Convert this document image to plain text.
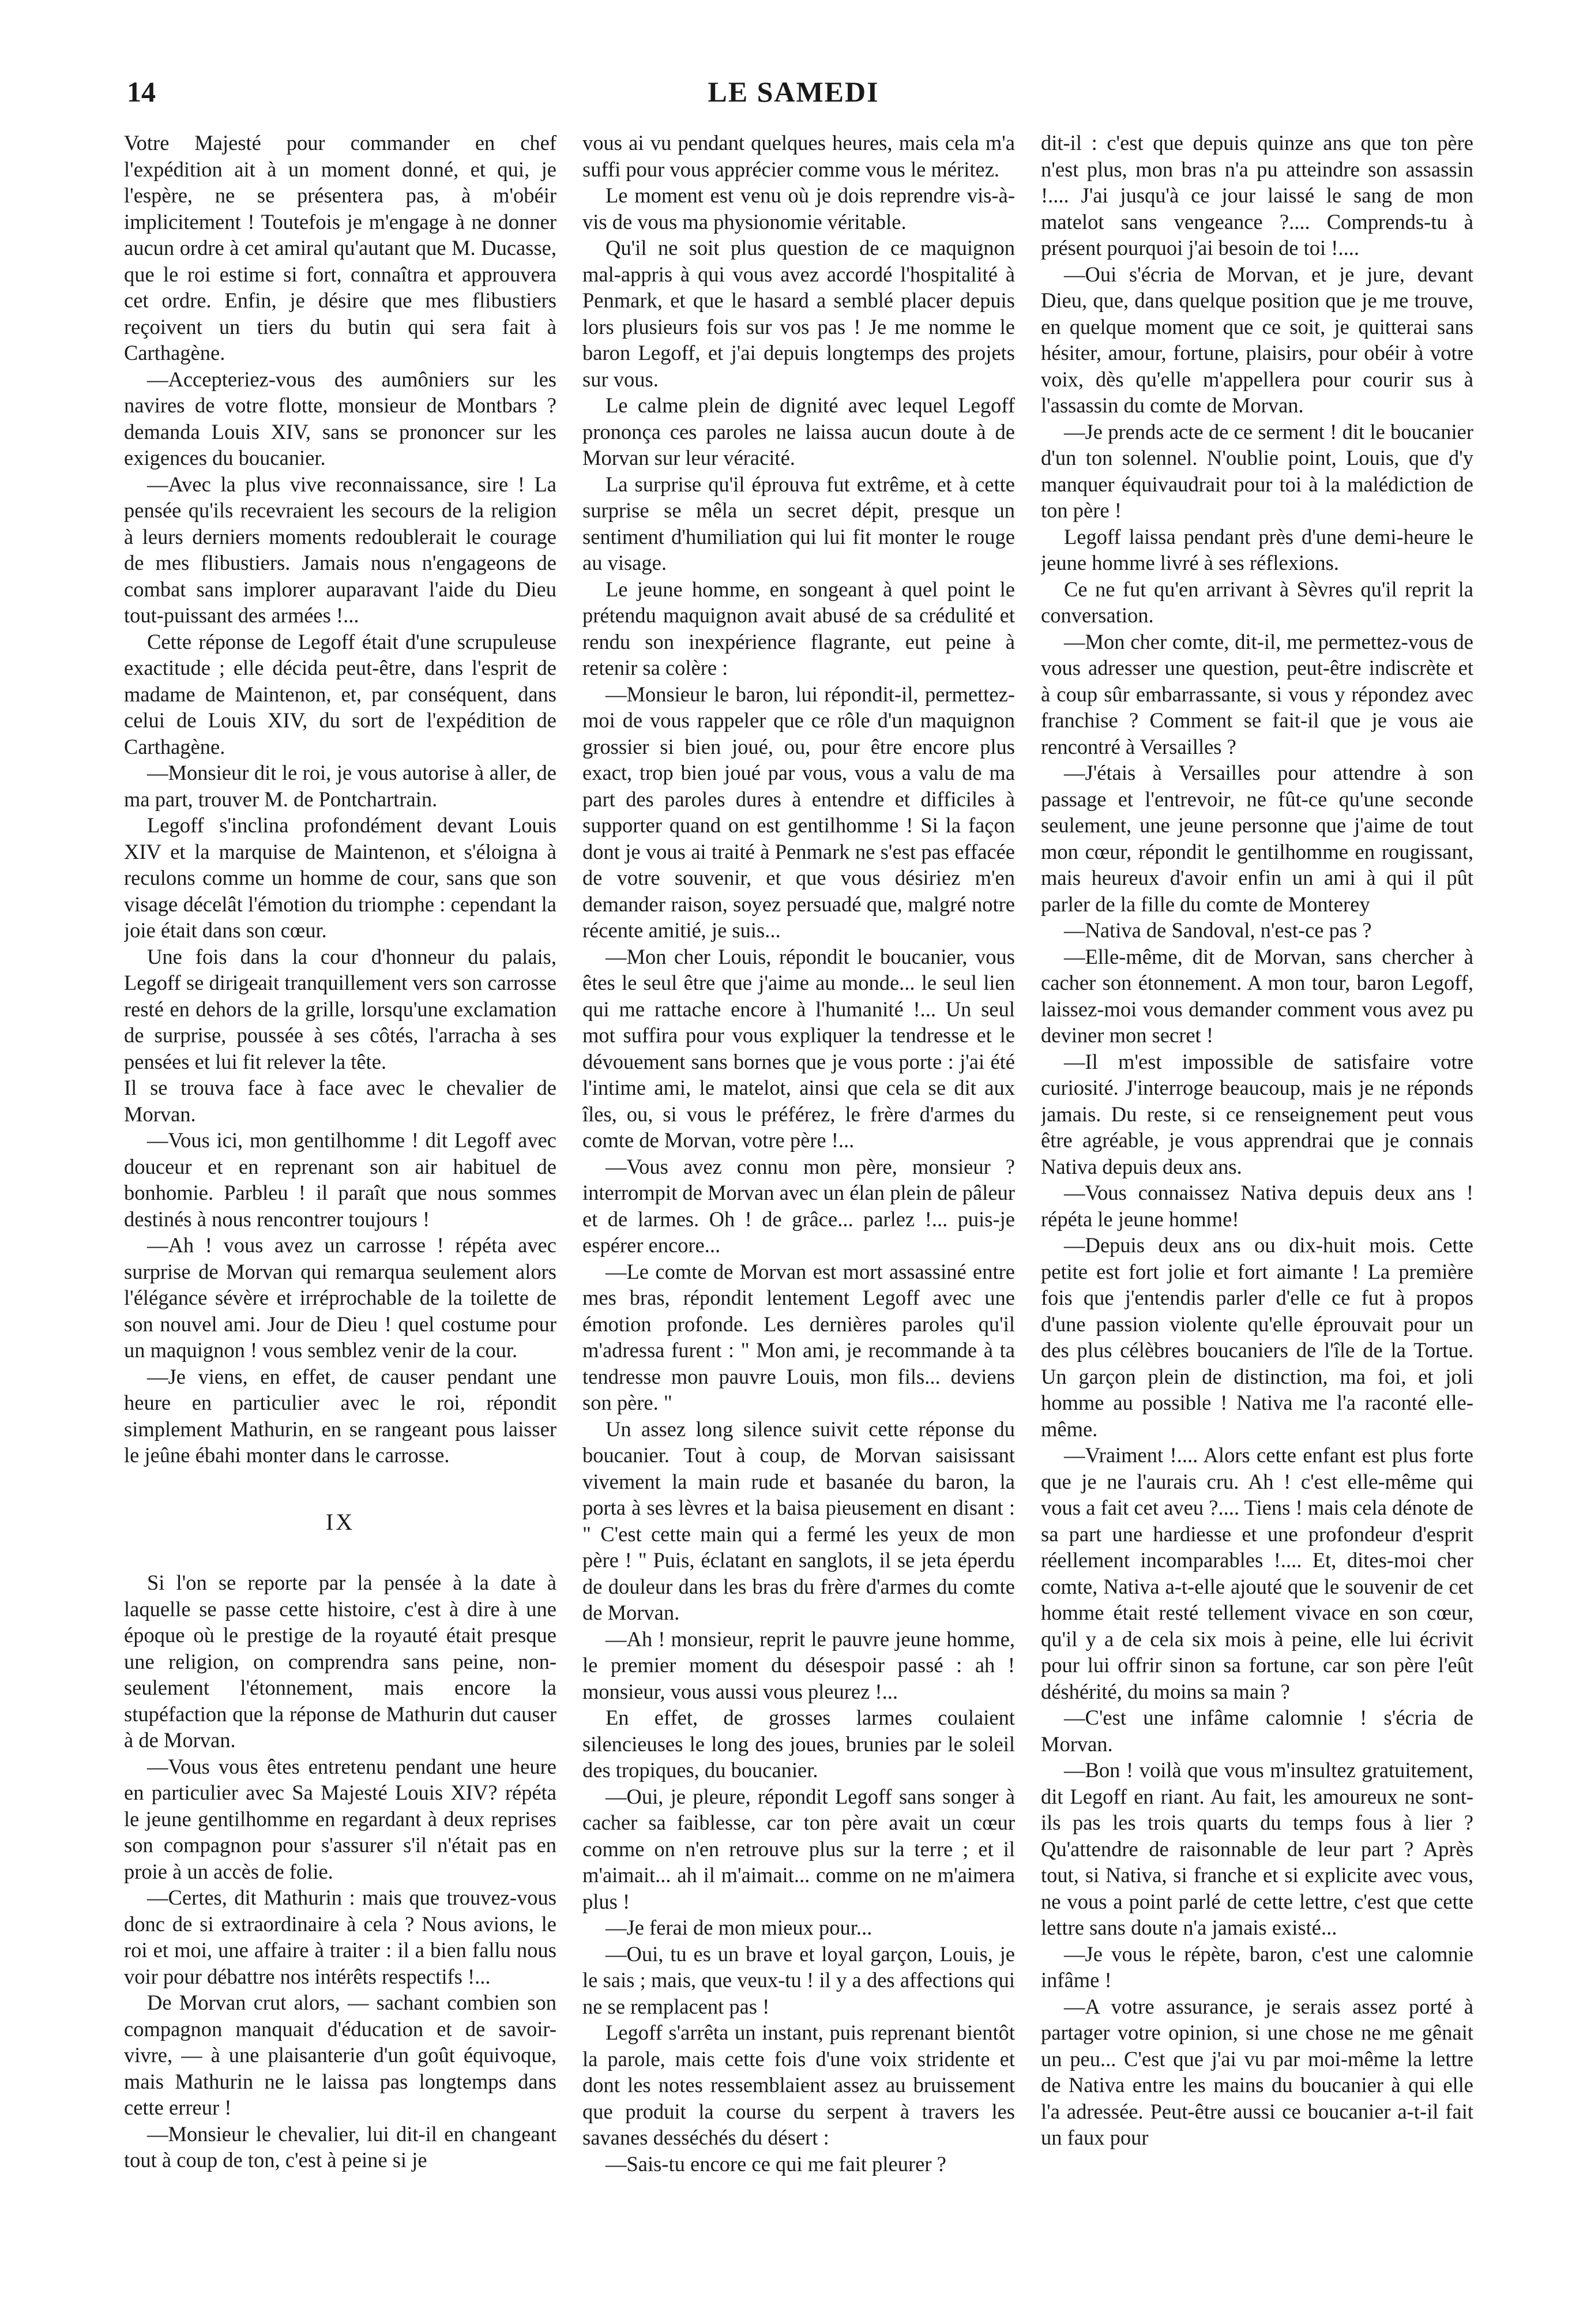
14	LE SAMEDI

Votre Majesté pour commander en chef l'expédition ait à un moment donné, et qui, je l'espère, ne se présentera pas, à m'obéir implicitement ! Toutefois je m'engage à ne donner aucun ordre à cet amiral qu'autant que M. Ducasse, que le roi estime si fort, connaîtra et approuvera cet ordre. Enfin, je désire que mes flibustiers reçoivent un tiers du butin qui sera fait à Carthagène.

—Accepteriez-vous des aumôniers sur les navires de votre flotte, monsieur de Montbars ? demanda Louis XIV, sans se prononcer sur les exigences du boucanier.

—Avec la plus vive reconnaissance, sire ! La pensée qu'ils recevraient les secours de la religion à leurs derniers moments redoublerait le courage de mes flibustiers. Jamais nous n'engageons de combat sans implorer auparavant l'aide du Dieu tout-puissant des armées !...

Cette réponse de Legoff était d'une scrupuleuse exactitude ; elle décida peut-être, dans l'esprit de madame de Maintenon, et, par conséquent, dans celui de Louis XIV, du sort de l'expédition de Carthagène.

—Monsieur dit le roi, je vous autorise à aller, de ma part, trouver M. de Pontchartrain.

Legoff s'inclina profondément devant Louis XIV et la marquise de Maintenon, et s'éloigna à reculons comme un homme de cour, sans que son visage décelât l'émotion du triomphe : cependant la joie était dans son cœur.

Une fois dans la cour d'honneur du palais, Legoff se dirigeait tranquillement vers son carrosse resté en dehors de la grille, lorsqu'une exclamation de surprise, poussée à ses côtés, l'arracha à ses pensées et lui fit relever la tête.

Il se trouva face à face avec le chevalier de Morvan.

—Vous ici, mon gentilhomme ! dit Legoff avec douceur et en reprenant son air habituel de bonhomie. Parbleu ! il paraît que nous sommes destinés à nous rencontrer toujours !

—Ah ! vous avez un carrosse ! répéta avec surprise de Morvan qui remarqua seulement alors l'élégance sévère et irréprochable de la toilette de son nouvel ami. Jour de Dieu ! quel costume pour un maquignon ! vous semblez venir de la cour.

—Je viens, en effet, de causer pendant une heure en particulier avec le roi, répondit simplement Mathurin, en se rangeant pous laisser le jeûne ébahi monter dans le carrosse.

IX

Si l'on se reporte par la pensée à la date à laquelle se passe cette histoire, c'est à dire à une époque où le prestige de la royauté était presque une religion, on comprendra sans peine, non-seulement l'étonnement, mais encore la stupéfaction que la réponse de Mathurin dut causer à de Morvan.

—Vous vous êtes entretenu pendant une heure en particulier avec Sa Majesté Louis XIV? répéta le jeune gentilhomme en regardant à deux reprises son compagnon pour s'assurer s'il n'était pas en proie à un accès de folie.

—Certes, dit Mathurin : mais que trouvez-vous donc de si extraordinaire à cela ? Nous avions, le roi et moi, une affaire à traiter : il a bien fallu nous voir pour débattre nos intérêts respectifs !...

De Morvan crut alors, — sachant combien son compagnon manquait d'éducation et de savoir-vivre, — à une plaisanterie d'un goût équivoque, mais Mathurin ne le laissa pas longtemps dans cette erreur !

—Monsieur le chevalier, lui dit-il en changeant tout à coup de ton, c'est à peine si je

vous ai vu pendant quelques heures, mais cela m'a suffi pour vous apprécier comme vous le méritez.

Le moment est venu où je dois reprendre vis-à-vis de vous ma physionomie véritable.

Qu'il ne soit plus question de ce maquignon mal-appris à qui vous avez accordé l'hospitalité à Penmark, et que le hasard a semblé placer depuis lors plusieurs fois sur vos pas ! Je me nomme le baron Legoff, et j'ai depuis longtemps des projets sur vous.

Le calme plein de dignité avec lequel Legoff prononça ces paroles ne laissa aucun doute à de Morvan sur leur véracité.

La surprise qu'il éprouva fut extrême, et à cette surprise se mêla un secret dépit, presque un sentiment d'humiliation qui lui fit monter le rouge au visage.

Le jeune homme, en songeant à quel point le prétendu maquignon avait abusé de sa crédulité et rendu son inexpérience flagrante, eut peine à retenir sa colère :

—Monsieur le baron, lui répondit-il, permettez-moi de vous rappeler que ce rôle d'un maquignon grossier si bien joué, ou, pour être encore plus exact, trop bien joué par vous, vous a valu de ma part des paroles dures à entendre et difficiles à supporter quand on est gentilhomme ! Si la façon dont je vous ai traité à Penmark ne s'est pas effacée de votre souvenir, et que vous désiriez m'en demander raison, soyez persuadé que, malgré notre récente amitié, je suis...

—Mon cher Louis, répondit le boucanier, vous êtes le seul être que j'aime au monde... le seul lien qui me rattache encore à l'humanité !... Un seul mot suffira pour vous expliquer la tendresse et le dévouement sans bornes que je vous porte : j'ai été l'intime ami, le matelot, ainsi que cela se dit aux îles, ou, si vous le préférez, le frère d'armes du comte de Morvan, votre père !...

—Vous avez connu mon père, monsieur ? interrompit de Morvan avec un élan plein de pâleur et de larmes. Oh ! de grâce... parlez !... puis-je espérer encore...

—Le comte de Morvan est mort assassiné entre mes bras, répondit lentement Legoff avec une émotion profonde. Les dernières paroles qu'il m'adressa furent : " Mon ami, je recommande à ta tendresse mon pauvre Louis, mon fils... deviens son père. "

Un assez long silence suivit cette réponse du boucanier. Tout à coup, de Morvan saisissant vivement la main rude et basanée du baron, la porta à ses lèvres et la baisa pieusement en disant : " C'est cette main qui a fermé les yeux de mon père ! " Puis, éclatant en sanglots, il se jeta éperdu de douleur dans les bras du frère d'armes du comte de Morvan.

—Ah ! monsieur, reprit le pauvre jeune homme, le premier moment du désespoir passé : ah ! monsieur, vous aussi vous pleurez !...

En effet, de grosses larmes coulaient silencieuses le long des joues, brunies par le soleil des tropiques, du boucanier.

—Oui, je pleure, répondit Legoff sans songer à cacher sa faiblesse, car ton père avait un cœur comme on n'en retrouve plus sur la terre ; et il m'aimait... ah il m'aimait... comme on ne m'aimera plus !

—Je ferai de mon mieux pour...

—Oui, tu es un brave et loyal garçon, Louis, je le sais ; mais, que veux-tu ! il y a des affections qui ne se remplacent pas !

Legoff s'arrêta un instant, puis reprenant bientôt la parole, mais cette fois d'une voix stridente et dont les notes ressemblaient assez au bruissement que produit la course du serpent à travers les savanes desséchés du désert :

—Sais-tu encore ce qui me fait pleurer ?

dit-il : c'est que depuis quinze ans que ton père n'est plus, mon bras n'a pu atteindre son assassin !.... J'ai jusqu'à ce jour laissé le sang de mon matelot sans vengeance ?.... Comprends-tu à présent pourquoi j'ai besoin de toi !....

—Oui s'écria de Morvan, et je jure, devant Dieu, que, dans quelque position que je me trouve, en quelque moment que ce soit, je quitterai sans hésiter, amour, fortune, plaisirs, pour obéir à votre voix, dès qu'elle m'appellera pour courir sus à l'assassin du comte de Morvan.

—Je prends acte de ce serment ! dit le boucanier d'un ton solennel. N'oublie point, Louis, que d'y manquer équivaudrait pour toi à la malédiction de ton père !

Legoff laissa pendant près d'une demi-heure le jeune homme livré à ses réflexions.

Ce ne fut qu'en arrivant à Sèvres qu'il reprit la conversation.

—Mon cher comte, dit-il, me permettez-vous de vous adresser une question, peut-être indiscrète et à coup sûr embarrassante, si vous y répondez avec franchise ? Comment se fait-il que je vous aie rencontré à Versailles ?

—J'étais à Versailles pour attendre à son passage et l'entrevoir, ne fût-ce qu'une seconde seulement, une jeune personne que j'aime de tout mon cœur, répondit le gentilhomme en rougissant, mais heureux d'avoir enfin un ami à qui il pût parler de la fille du comte de Monterey

—Nativa de Sandoval, n'est-ce pas ?

—Elle-même, dit de Morvan, sans chercher à cacher son étonnement. A mon tour, baron Legoff, laissez-moi vous demander comment vous avez pu deviner mon secret !

—Il m'est impossible de satisfaire votre curiosité. J'interroge beaucoup, mais je ne réponds jamais. Du reste, si ce renseignement peut vous être agréable, je vous apprendrai que je connais Nativa depuis deux ans.

—Vous connaissez Nativa depuis deux ans ! répéta le jeune homme!

—Depuis deux ans ou dix-huit mois. Cette petite est fort jolie et fort aimante ! La première fois que j'entendis parler d'elle ce fut à propos d'une passion violente qu'elle éprouvait pour un des plus célèbres boucaniers de l'île de la Tortue. Un garçon plein de distinction, ma foi, et joli homme au possible ! Nativa me l'a raconté elle-même.

—Vraiment !.... Alors cette enfant est plus forte que je ne l'aurais cru. Ah ! c'est elle-même qui vous a fait cet aveu ?.... Tiens ! mais cela dénote de sa part une hardiesse et une profondeur d'esprit réellement incomparables !.... Et, dites-moi cher comte, Nativa a-t-elle ajouté que le souvenir de cet homme était resté tellement vivace en son cœur, qu'il y a de cela six mois à peine, elle lui écrivit pour lui offrir sinon sa fortune, car son père l'eût déshérité, du moins sa main ?

—C'est une infâme calomnie ! s'écria de Morvan.

—Bon ! voilà que vous m'insultez gratuitement, dit Legoff en riant. Au fait, les amoureux ne sont-ils pas les trois quarts du temps fous à lier ? Qu'attendre de raisonnable de leur part ? Après tout, si Nativa, si franche et si explicite avec vous, ne vous a point parlé de cette lettre, c'est que cette lettre sans doute n'a jamais existé...

—Je vous le répète, baron, c'est une calomnie infâme !

—A votre assurance, je serais assez porté à partager votre opinion, si une chose ne me gênait un peu... C'est que j'ai vu par moi-même la lettre de Nativa entre les mains du boucanier à qui elle l'a adressée. Peut-être aussi ce boucanier a-t-il fait un faux pour
